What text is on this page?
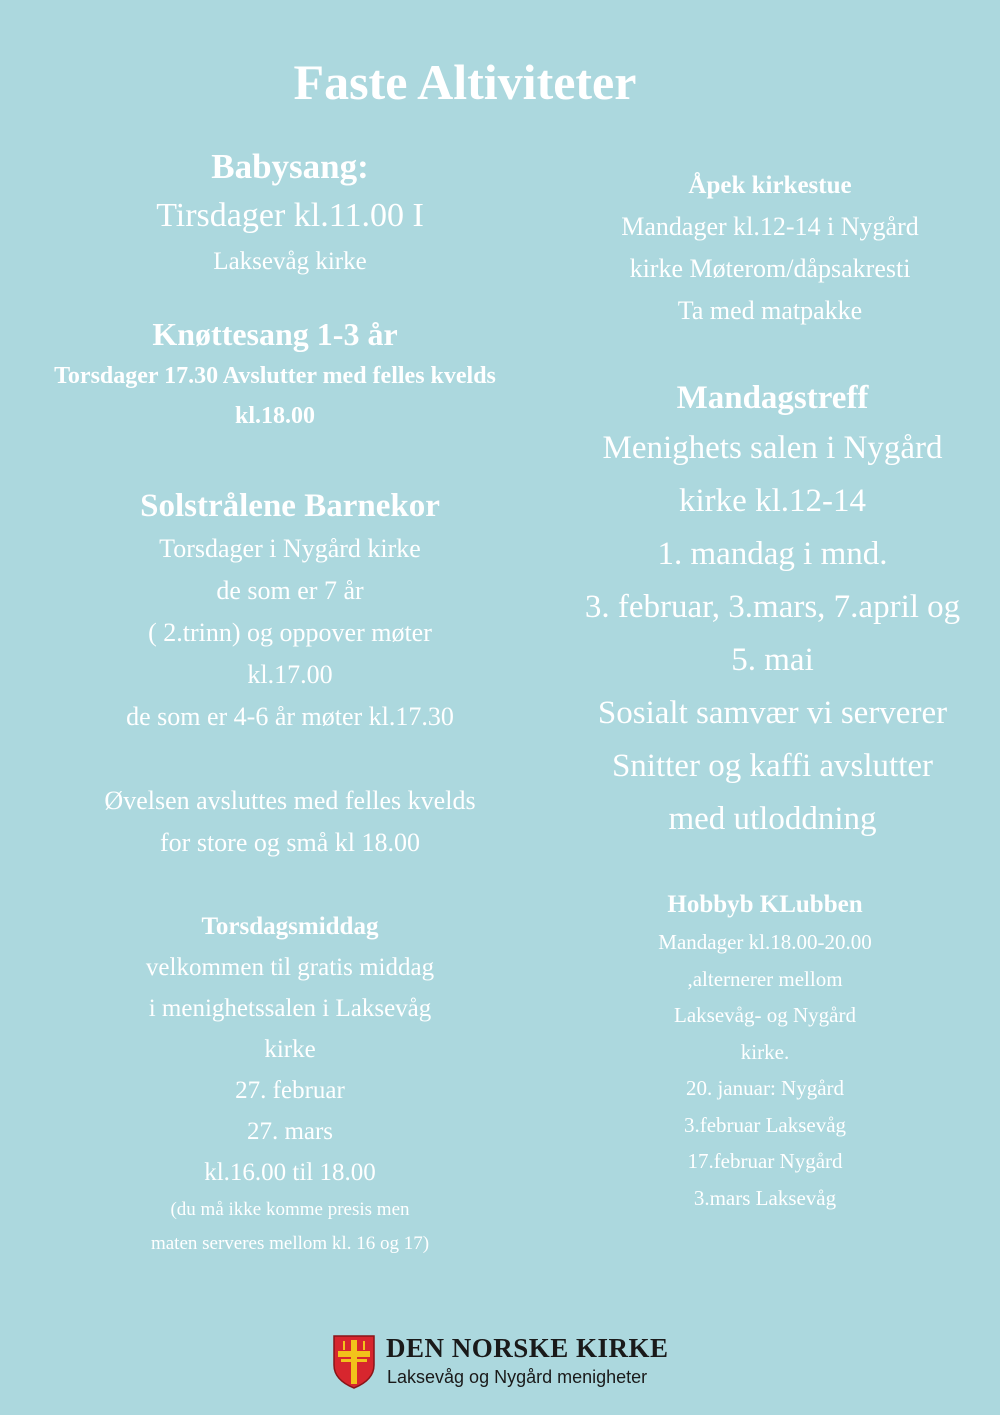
Faste Altiviteter
Babysang:
Tirsdager kl.11.00 I
Laksevåg kirke
Knøttesang 1-3 år
Torsdager 17.30 Avslutter med felles kvelds
kl.18.00
Solstrålene Barnekor
Torsdager i Nygård kirke
de som er 7 år
( 2.trinn) og oppover møter
kl.17.00
de som er 4-6 år møter kl.17.30
Øvelsen avsluttes med felles kvelds
for store og små kl 18.00
Torsdagsmiddag
velkommen til gratis middag
i menighetssalen i Laksevåg
kirke
27. februar
27. mars
kl.16.00 til 18.00
(du må ikke komme presis men
maten serveres mellom kl. 16 og 17)
Åpek kirkestue
Mandager kl.12-14 i Nygård
kirke Møterom/dåpsakresti
Ta med matpakke
Mandagstreff
Menighets salen i Nygård
kirke kl.12-14
1. mandag i mnd.
3. februar, 3.mars, 7.april og
5. mai
Sosialt samvær vi serverer
Snitter og kaffi avslutter
med utloddning
Hobbyb KLubben
Mandager kl.18.00-20.00
,alternerer mellom
Laksevåg- og Nygård
kirke.
20. januar: Nygård
3.februar Laksevåg
17.februar Nygård
3.mars Laksevåg
DEN NORSKE KIRKE
Laksevåg og Nygård menigheter
